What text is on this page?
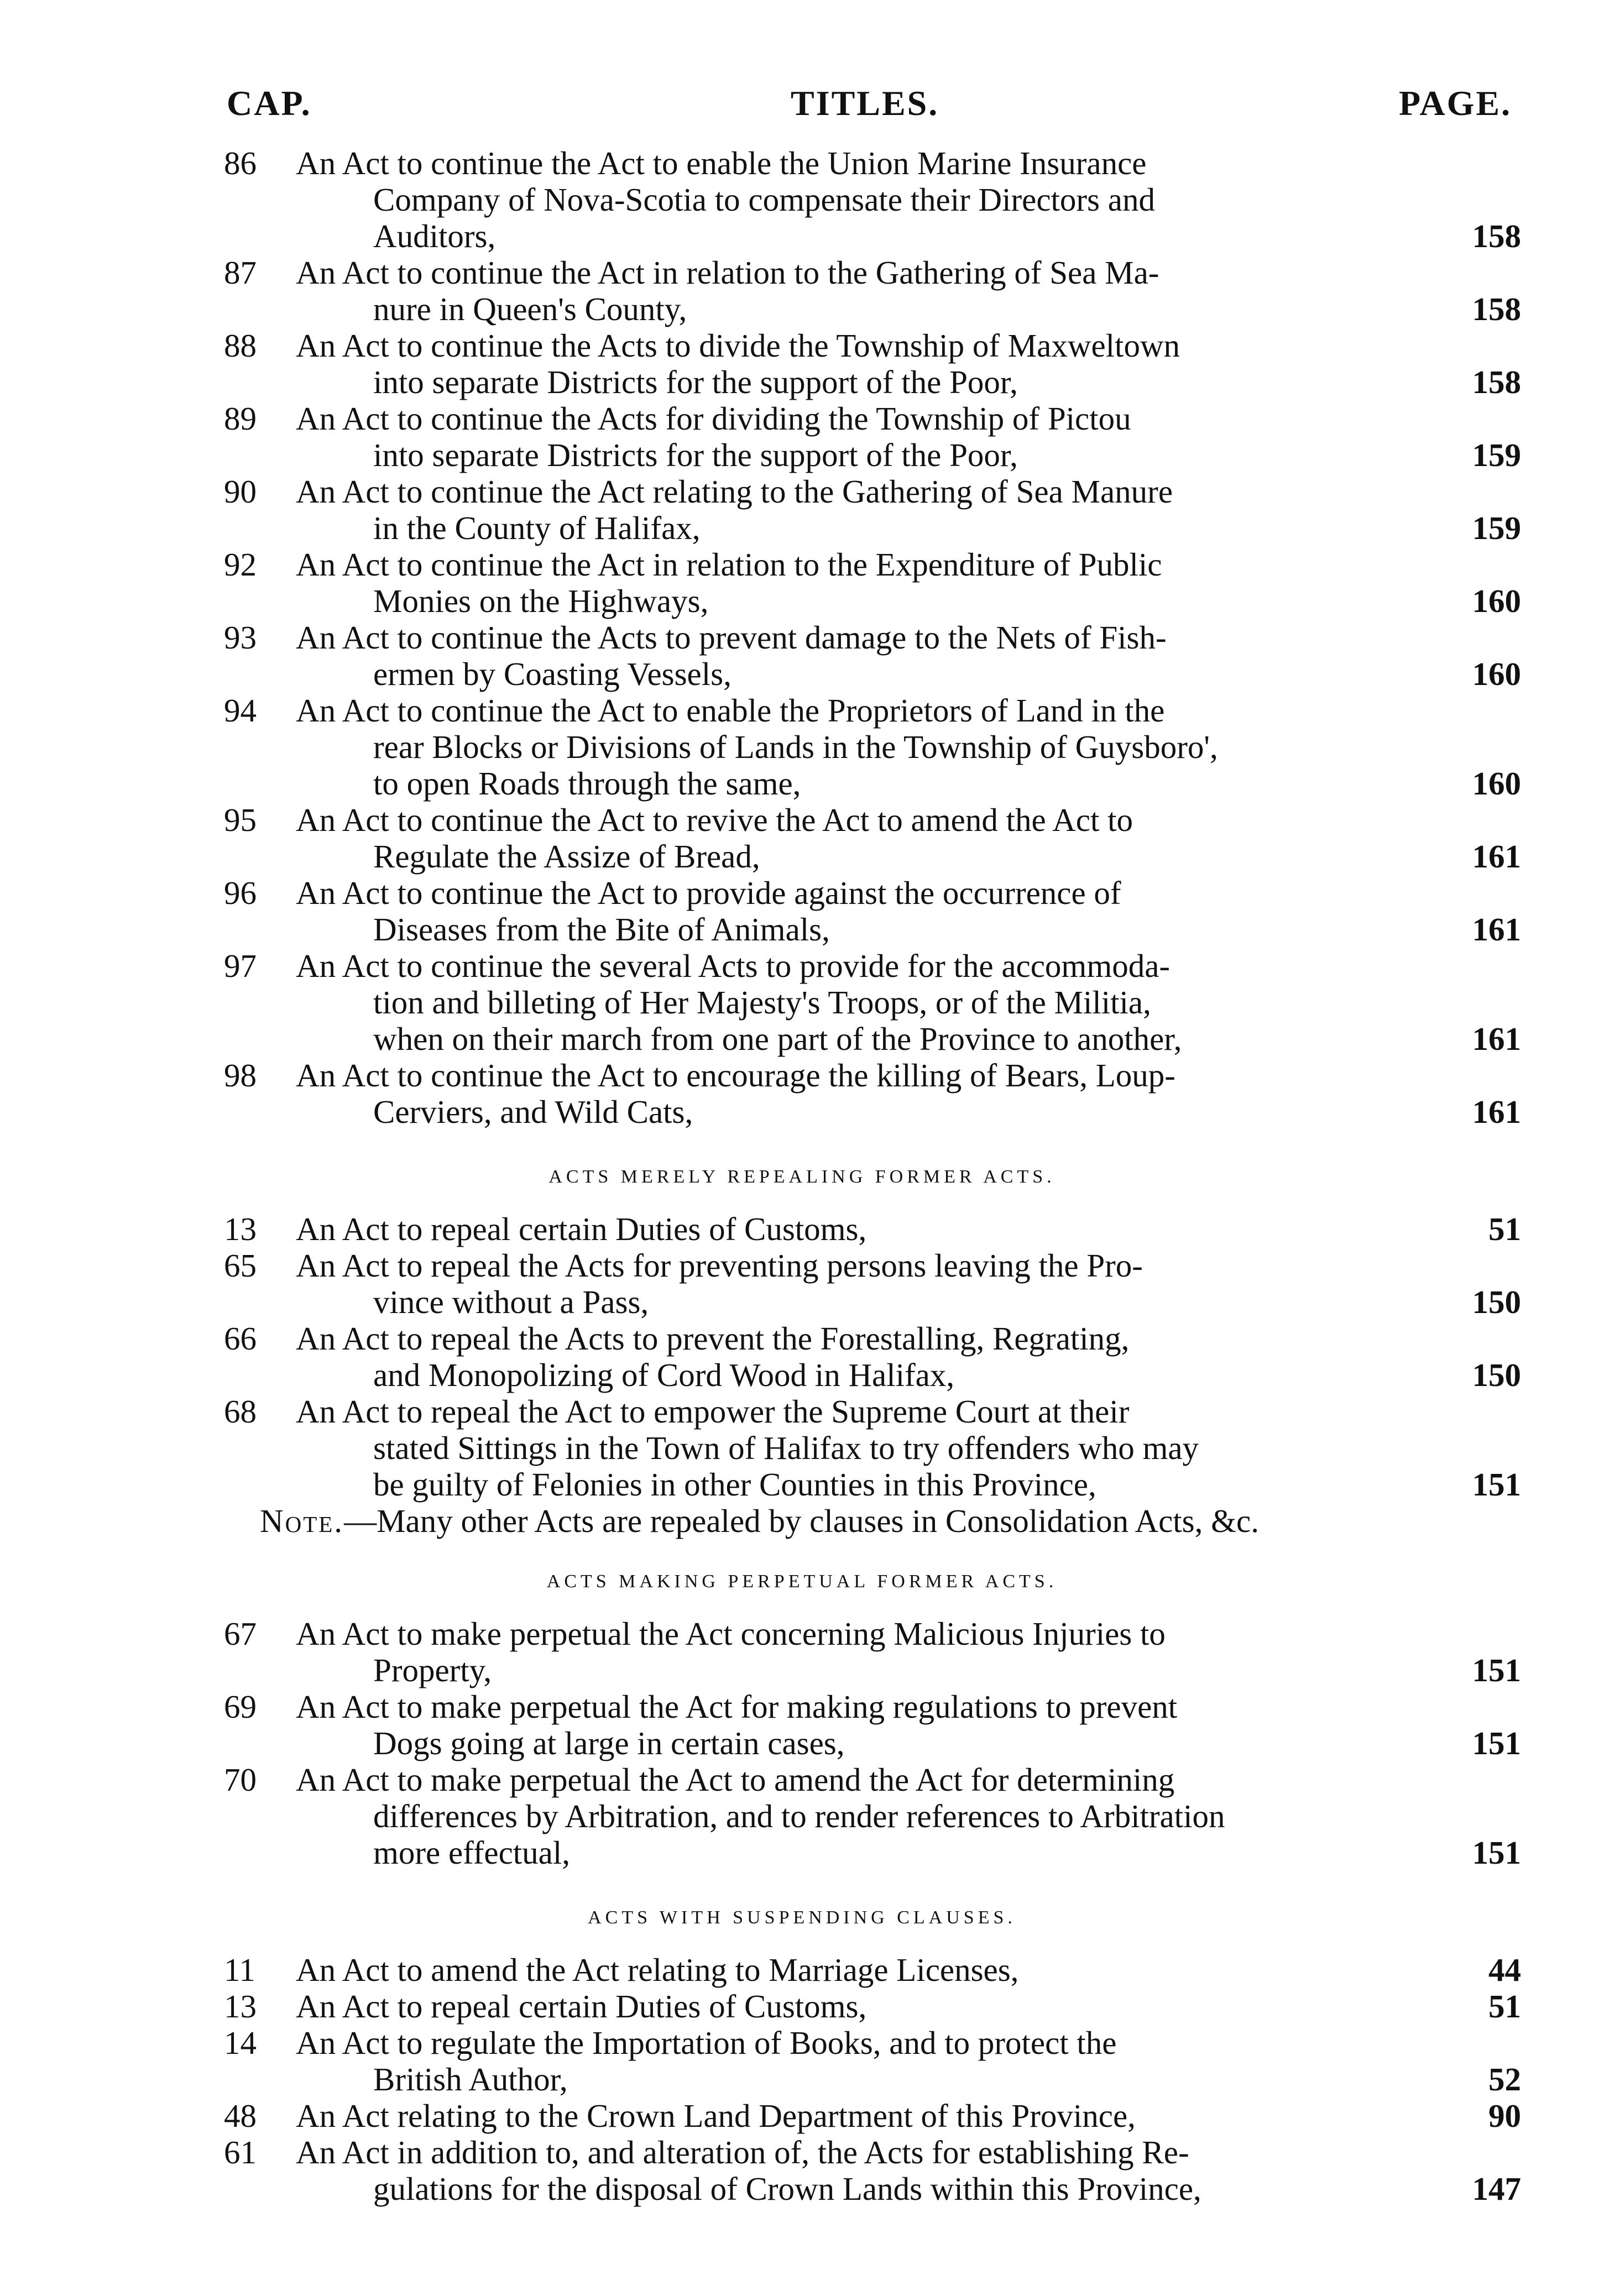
CAP.	TITLES.	PAGE.
86 An Act to continue the Act to enable the Union Marine Insurance
Company of Nova-Scotia to compensate their Directors and
Auditors,	158
87 An Act to continue the Act in relation to the Gathering of Sea Ma-
nure in Queen's County,	158
88 An Act to continue the Acts to divide the Township of Maxweltown
into separate Districts for the support of the Poor,	158
89 An Act to continue the Acts for dividing the Township of Pictou
into separate Districts for the support of the Poor,	159
90 An Act to continue the Act relating to the Gathering of Sea Manure
in the County of Halifax,	159
92 An Act to continue the Act in relation to the Expenditure of Public
Monies on the Highways,	160
93 An Act to continue the Acts to prevent damage to the Nets of Fish-
ermen by Coasting Vessels,	160
94 An Act to continue the Act to enable the Proprietors of Land in the
rear Blocks or Divisions of Lands in the Township of Guysboro',
to open Roads through the same,	160
95 An Act to continue the Act to revive the Act to amend the Act to
Regulate the Assize of Bread,	161
96 An Act to continue the Act to provide against the occurrence of
Diseases from the Bite of Animals,	161
97 An Act to continue the several Acts to provide for the accommoda-
tion and billeting of Her Majesty's Troops, or of the Militia,
when on their march from one part of the Province to another,	161
98 An Act to continue the Act to encourage the killing of Bears, Loup-
Cerviers, and Wild Cats,	161
ACTS MERELY REPEALING FORMER ACTS.
13 An Act to repeal certain Duties of Customs,	51
65 An Act to repeal the Acts for preventing persons leaving the Pro-
vince without a Pass,	150
66 An Act to repeal the Acts to prevent the Forestalling, Regrating,
and Monopolizing of Cord Wood in Halifax,	150
68 An Act to repeal the Act to empower the Supreme Court at their
stated Sittings in the Town of Halifax to try offenders who may
be guilty of Felonies in other Counties in this Province,	151
Note.—Many other Acts are repealed by clauses in Consolidation Acts, &c.
ACTS MAKING PERPETUAL FORMER ACTS.
67 An Act to make perpetual the Act concerning Malicious Injuries to
Property,	151
69 An Act to make perpetual the Act for making regulations to prevent
Dogs going at large in certain cases,	151
70 An Act to make perpetual the Act to amend the Act for determining
differences by Arbitration, and to render references to Arbitration
more effectual,	151
ACTS WITH SUSPENDING CLAUSES.
11 An Act to amend the Act relating to Marriage Licenses,	44
13 An Act to repeal certain Duties of Customs,	51
14 An Act to regulate the Importation of Books, and to protect the
British Author,	52
48 An Act relating to the Crown Land Department of this Province,	90
61 An Act in addition to, and alteration of, the Acts for establishing Re-
gulations for the disposal of Crown Lands within this Province,	147
